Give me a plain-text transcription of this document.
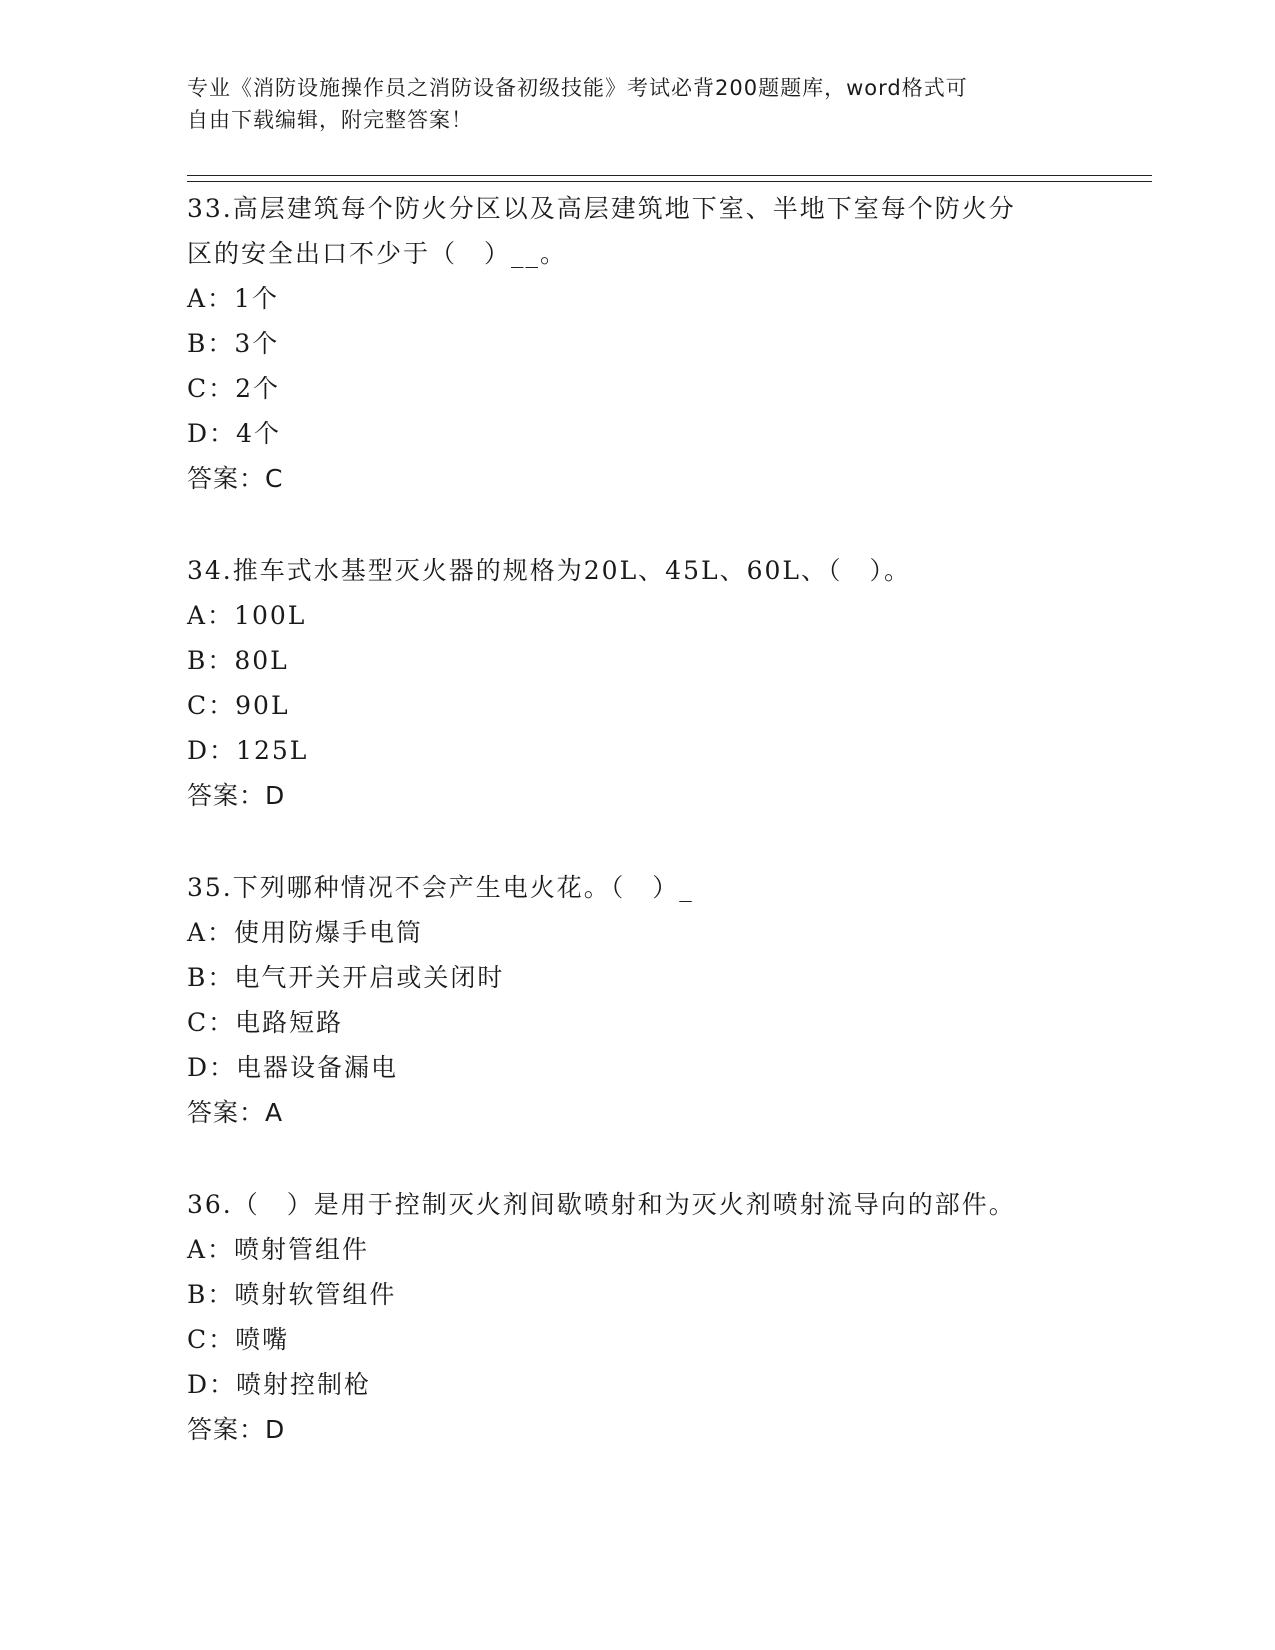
专业《消防设施操作员之消防设备初级技能》考试必背200题题库，word格式可
自由下载编辑，附完整答案！
33.高层建筑每个防火分区以及高层建筑地下室、半地下室每个防火分
区的安全出口不少于（　）__。
A：1个
B：3个
C：2个
D：4个
答案：C
34.推车式水基型灭火器的规格为20L、45L、60L、（　）。
A：100L
B：80L
C：90L
D：125L
答案：D
35.下列哪种情况不会产生电火花。（　）_
A：使用防爆手电筒
B：电气开关开启或关闭时
C：电路短路
D：电器设备漏电
答案：A
36.（　）是用于控制灭火剂间歇喷射和为灭火剂喷射流导向的部件。
A：喷射管组件
B：喷射软管组件
C：喷嘴
D：喷射控制枪
答案：D
